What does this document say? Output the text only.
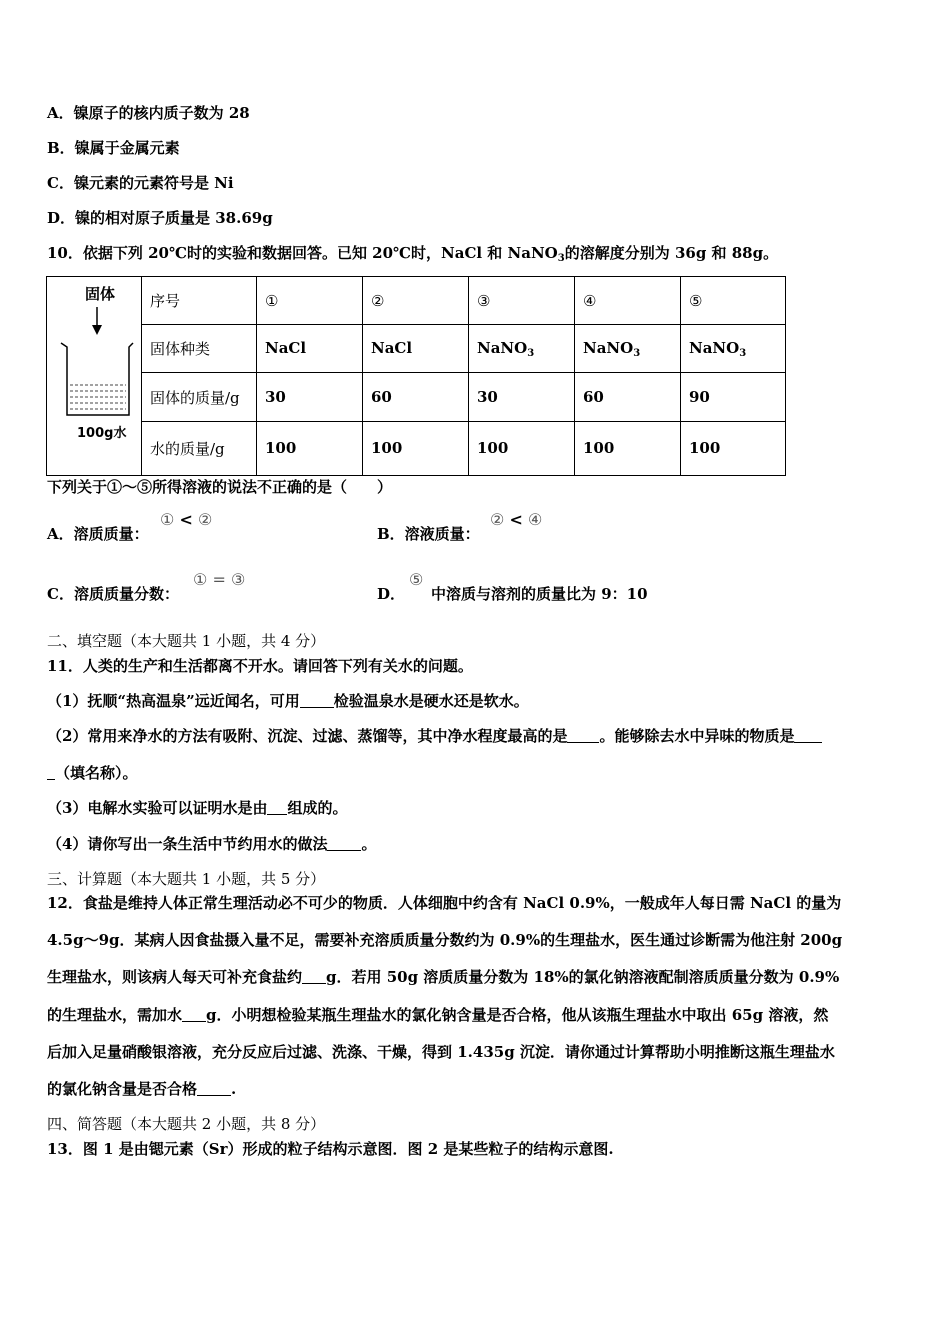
A．镍原子的核内质子数为 28
B．镍属于金属元素
C．镍元素的元素符号是 Ni
D．镍的相对原子质量是 38.69g
10．依据下列 20℃时的实验和数据回答。已知 20℃时，NaCl 和 NaNO$_3$的溶解度分别为 36g 和 88g。
固体
100g水	序号	①	②	③	④	⑤
	固体种类	NaCl	NaCl	NaNO$_3$	NaNO$_3$	NaNO$_3$
	固体的质量/g	30	60	30	60	90
	水的质量/g	100	100	100	100	100
下列关于①～⑤所得溶液的说法不正确的是（　　）
A．溶质质量：
① < ②
B．溶液质量：
② < ④
C．溶质质量分数：
① = ③
D．
⑤
中溶质与溶剂的质量比为 9：10
二、填空题（本大题共 1 小题，共 4 分）
11．人类的生产和生活都离不开水。请回答下列有关水的问题。
（1）抚顺“热高温泉”远近闻名，可用 检验温泉水是硬水还是软水。
（2）常用来净水的方法有吸附、沉淀、过滤、蒸馏等，其中净水程度最高的是 。能够除去水中异味的物质是
（填名称）。
（3）电解水实验可以证明水是由 组成的。
（4）请你写出一条生活中节约用水的做法 。
三、计算题（本大题共 1 小题，共 5 分）
12．食盐是维持人体正常生理活动必不可少的物质．人体细胞中约含有 NaCl 0.9%，一般成年人每日需 NaCl 的量为
4.5g～9g．某病人因食盐摄入量不足，需要补充溶质质量分数约为 0.9%的生理盐水，医生通过诊断需为他注射 200g
生理盐水，则该病人每天可补充食盐约 g．若用 50g 溶质质量分数为 18%的氯化钠溶液配制溶质质量分数为 0.9%
的生理盐水，需加水 g．小明想检验某瓶生理盐水的氯化钠含量是否合格，他从该瓶生理盐水中取出 65g 溶液，然
后加入足量硝酸银溶液，充分反应后过滤、洗涤、干燥，得到 1.435g 沉淀．请你通过计算帮助小明推断这瓶生理盐水
的氯化钠含量是否合格 .
四、简答题（本大题共 2 小题，共 8 分）
13．图 1 是由锶元素（Sr）形成的粒子结构示意图．图 2 是某些粒子的结构示意图.
